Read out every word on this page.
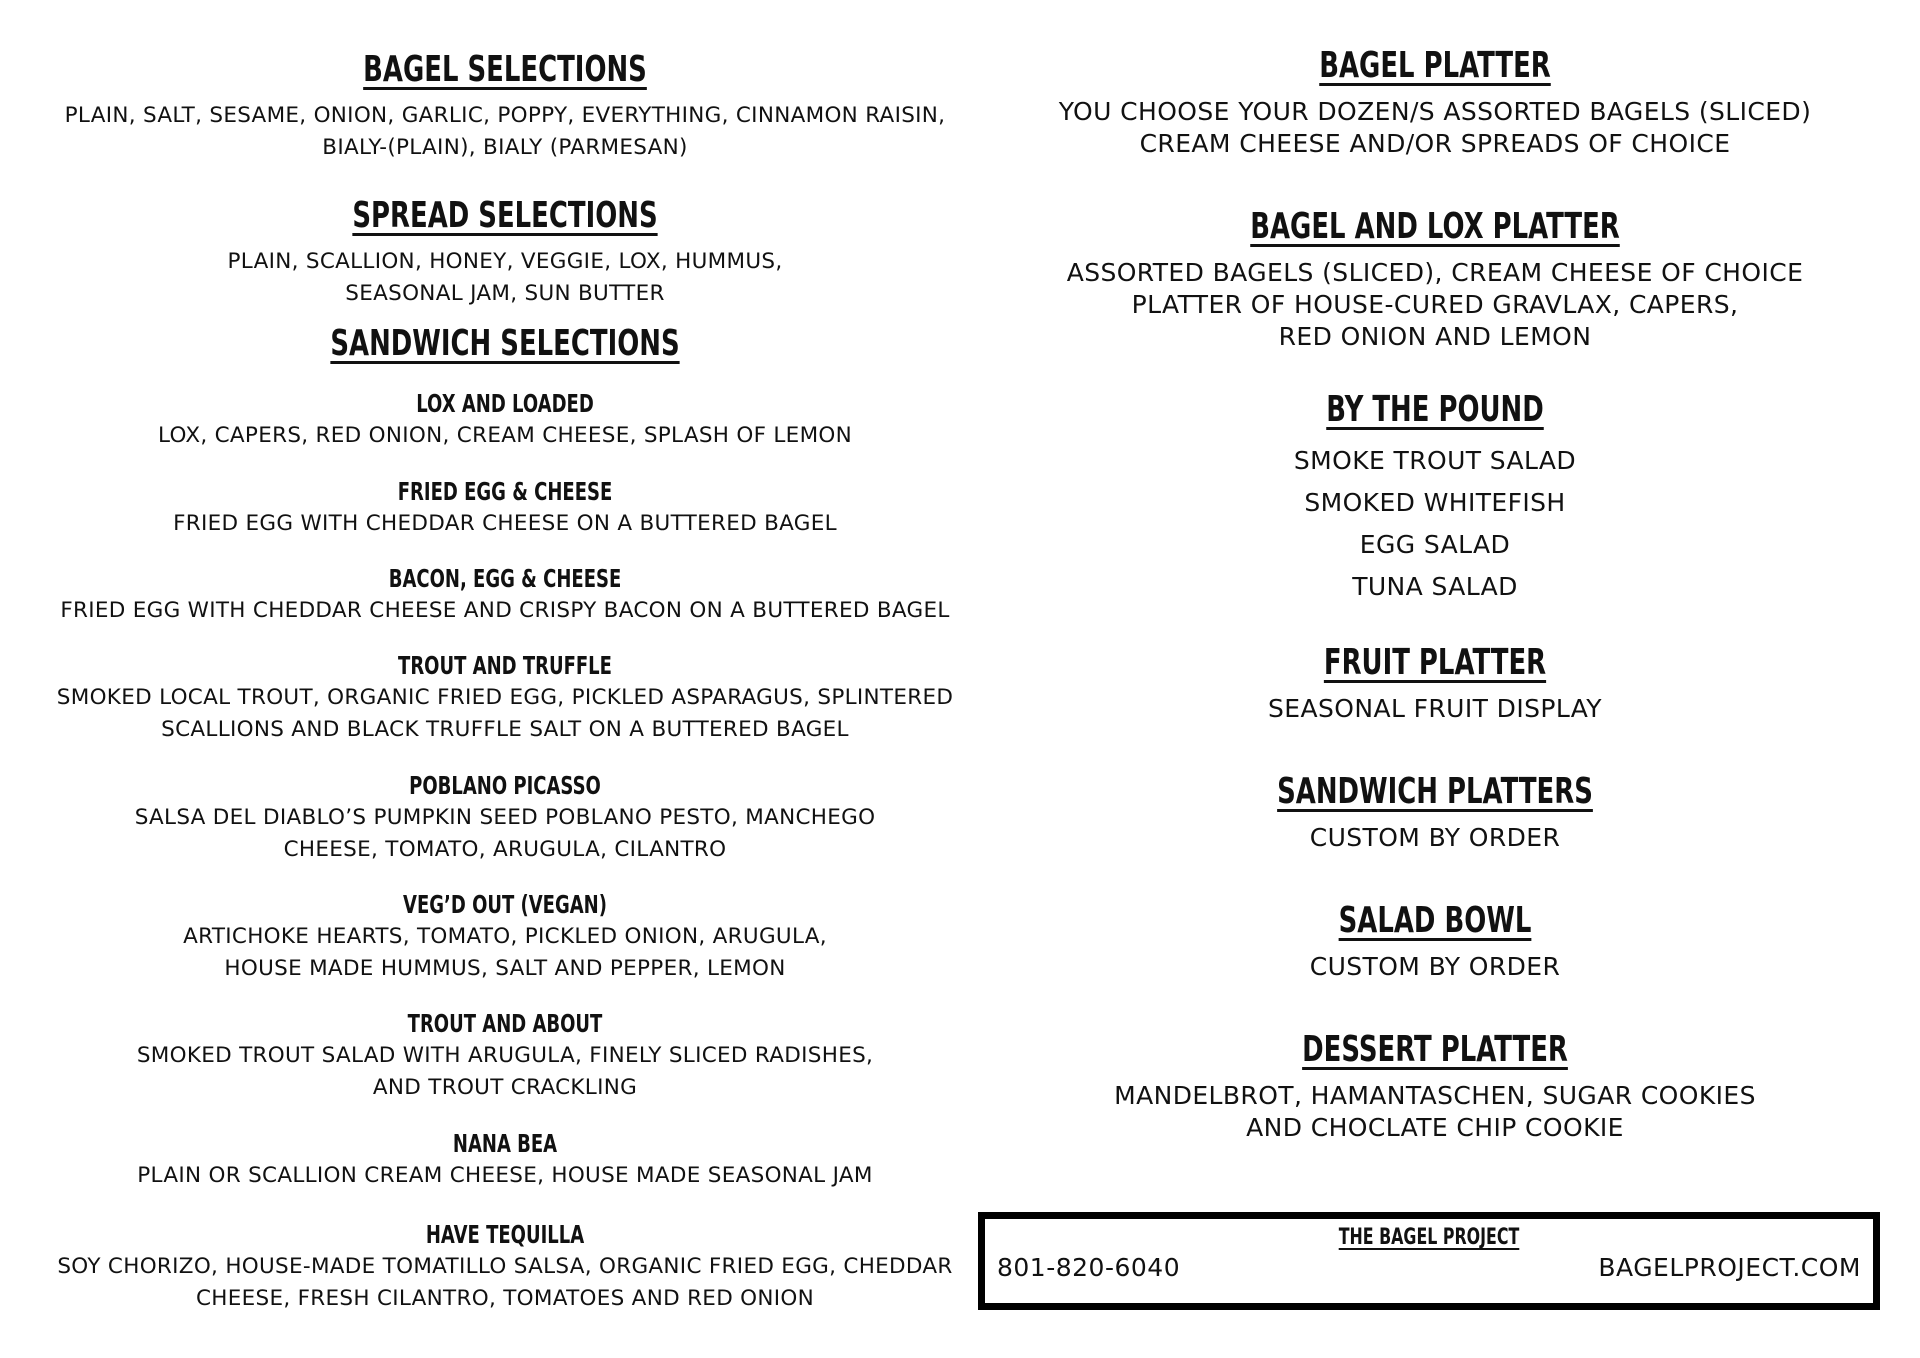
BAGEL SELECTIONS
PLAIN, SALT, SESAME, ONION, GARLIC, POPPY, EVERYTHING, CINNAMON RAISIN,
BIALY-(PLAIN), BIALY (PARMESAN)
SPREAD SELECTIONS
PLAIN, SCALLION, HONEY, VEGGIE, LOX, HUMMUS,
SEASONAL JAM, SUN BUTTER
SANDWICH SELECTIONS
LOX AND LOADED
LOX, CAPERS, RED ONION, CREAM CHEESE, SPLASH OF LEMON
FRIED EGG & CHEESE
FRIED EGG WITH CHEDDAR CHEESE ON A BUTTERED BAGEL
BACON, EGG & CHEESE
FRIED EGG WITH CHEDDAR CHEESE AND CRISPY BACON ON A BUTTERED BAGEL
TROUT AND TRUFFLE
SMOKED LOCAL TROUT, ORGANIC FRIED EGG, PICKLED ASPARAGUS, SPLINTERED
SCALLIONS AND BLACK TRUFFLE SALT ON A BUTTERED BAGEL
POBLANO PICASSO
SALSA DEL DIABLO’S PUMPKIN SEED POBLANO PESTO, MANCHEGO
CHEESE, TOMATO, ARUGULA, CILANTRO
VEG’D OUT (VEGAN)
ARTICHOKE HEARTS, TOMATO, PICKLED ONION, ARUGULA,
HOUSE MADE HUMMUS, SALT AND PEPPER, LEMON
TROUT AND ABOUT
SMOKED TROUT SALAD WITH ARUGULA, FINELY SLICED RADISHES,
AND TROUT CRACKLING
NANA BEA
PLAIN OR SCALLION CREAM CHEESE, HOUSE MADE SEASONAL JAM
HAVE TEQUILLA
SOY CHORIZO, HOUSE-MADE TOMATILLO SALSA, ORGANIC FRIED EGG, CHEDDAR
CHEESE, FRESH CILANTRO, TOMATOES AND RED ONION
BAGEL PLATTER
YOU CHOOSE YOUR DOZEN/S ASSORTED BAGELS (SLICED)
CREAM CHEESE AND/OR SPREADS OF CHOICE
BAGEL AND LOX PLATTER
ASSORTED BAGELS (SLICED), CREAM CHEESE OF CHOICE
PLATTER OF HOUSE-CURED GRAVLAX, CAPERS,
RED ONION AND LEMON
BY THE POUND
SMOKE TROUT SALAD
SMOKED WHITEFISH
EGG SALAD
TUNA SALAD
FRUIT PLATTER
SEASONAL FRUIT DISPLAY
SANDWICH PLATTERS
CUSTOM BY ORDER
SALAD BOWL
CUSTOM BY ORDER
DESSERT PLATTER
MANDELBROT, HAMANTASCHEN, SUGAR COOKIES
AND CHOCLATE CHIP COOKIE
THE BAGEL PROJECT
801-820-6040	BAGELPROJECT.COM
